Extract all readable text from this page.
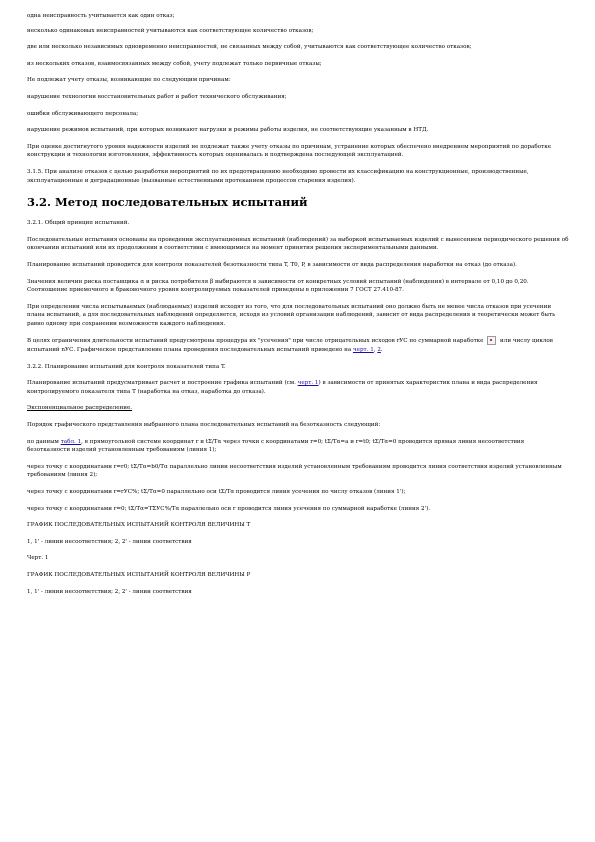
одна неисправность учитывается как один отказ;

несколько одинаковых неисправностей учитываются как соответствующее количество отказов;

две или несколько независимых одновременно неисправностей, не связанных между собой, учитываются как соответствующее количество отказов;

из нескольких отказов, взаимосвязанных между собой, учету подлежат только первичные отказы;

Не подлежат учету отказы, возникающие по следующим причинам:

нарушение технологии восстановительных работ и работ технического обслуживания;

ошибки обслуживающего персонала;

нарушение режимов испытаний, при которых возникают нагрузки и режимы работы изделия, не соответствующие указанным в НТД.

При оценке достигнутого уровня надежности изделий не подлежат также учету отказы по причинам, устранение которых обеспечено внедрением мероприятий по доработке конструкции и технологии изготовления, эффективность которых оценивалась и подтверждена последующей эксплуатацией.

3.1.5. При анализе отказов с целью разработки мероприятий по их предотвращению необходимо провести их классификацию на конструкционные, производственные, эксплуатационные и деградационные (вызванные естественными протеканием процессов старения изделия).

3.2. Метод последовательных испытаний

3.2.1. Общий принцип испытаний.

Последовательные испытания основаны на проведении эксплуатационных испытаний (наблюдений) за выборкой испытываемых изделий с вынесением периодического решения об окончании испытаний или их продолжении в соответствии с имеющимися на момент принятия решения экспериментальными данными.

Планирование испытаний проводится для контроля показателей безотказности типа T, T0, P, в зависимости от вида распределения наработки на отказ (до отказа).

Значения величин риска поставщика α и риска потребителя β выбираются в зависимости от конкретных условий испытаний (наблюдения) в интервале от 0,10 до 0,20. Соотношение приемочного и браковочного уровня контролируемых показателей приведены в приложении 7 ГОСТ 27.410-87.

При определении числа испытываемых (наблюдаемых) изделий исходят из того, что для последовательных испытаний оно должно быть не менее числа отказов при усечении плана испытаний, а для последовательных наблюдений определяется, исходя из условий организации наблюдений, зависит от вида распределения и теоретически может быть равно одному при сохранении возможности каждого наблюдения.

В целях ограничения длительности испытаний предусмотрена процедура их "усечения" при числе отрицательных исходов rУС по суммарной наработке	или числу циклов испытаний nУС. Графическое представление плана проведения последовательных испытаний приведено на черт. 1, 2.

3.2.2. Планирование испытаний для контроля показателей типа T.

Планирование испытаний предусматривает расчет и построение графика испытаний (см. черт. 1) в зависимости от принятых характеристик плана и вида распределения контролируемого показателя типа T (наработка на отказ, наработка до отказа).

Экспоненциальное распределение.

Порядок графического представления выбранного плана последовательных испытаний на безотказность следующий:

по данным табл. 1, в прямоугольной системе координат r и tΣ/Tα через точки с координатами r=0; tΣ/Tα=a и r=t0; tΣ/Tα=0 проводится прямая линия несоответствия безотказности изделий установленным требованиям (линия 1);

через точку с координатами r=r0; tΣ/Tα=b0/Tα параллельно линии несоответствия изделий установленным требованиям проводится линия соответствия изделий установленным требованиям (линия 2);

через точку с координатами r=rУС%; tΣ/Tα=0 параллельно оси tΣ/Tα проводится линия усечения по числу отказов (линия 1');

через точку с координатами r=0; tΣ/Tα=TΣУС%/Tα параллельно оси r проводится линия усечения по суммарной наработке (линия 2').

ГРАФИК ПОСЛЕДОВАТЕЛЬНЫХ ИСПЫТАНИЙ КОНТРОЛЯ ВЕЛИЧИНЫ T

1, 1' - линии несоответствия; 2, 2' - линии соответствия

Черт. 1

ГРАФИК ПОСЛЕДОВАТЕЛЬНЫХ ИСПЫТАНИЙ КОНТРОЛЯ ВЕЛИЧИНЫ P

1, 1' - линии несоответствия; 2, 2' - линии соответствия
